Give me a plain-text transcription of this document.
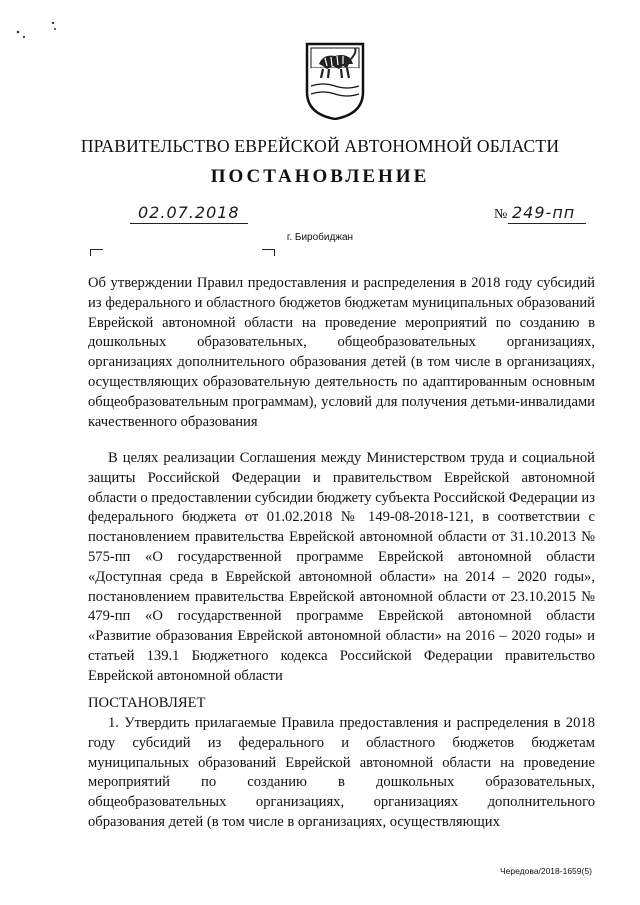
ПРАВИТЕЛЬСТВО ЕВРЕЙСКОЙ АВТОНОМНОЙ ОБЛАСТИ
ПОСТАНОВЛЕНИЕ
02.07.2018	№ 249-пп
г. Биробиджан
Об утверждении Правил предоставления и распределения в 2018 году субсидий из федерального и областного бюджетов бюджетам муниципальных образований Еврейской автономной области на проведение мероприятий по созданию в дошкольных образовательных, общеобразовательных организациях, организациях дополнительного образования детей (в том числе в организациях, осуществляющих образовательную деятельность по адаптированным основным общеобразовательным программам), условий для получения детьми-инвалидами качественного образования
В целях реализации Соглашения между Министерством труда и социальной защиты Российской Федерации и правительством Еврейской автономной области о предоставлении субсидии бюджету субъекта Российской Федерации из федерального бюджета от 01.02.2018 № 149-08-2018-121, в соответствии с постановлением правительства Еврейской автономной области от 31.10.2013 № 575-пп «О государственной программе Еврейской автономной области «Доступная среда в Еврейской автономной области» на 2014 – 2020 годы», постановлением правительства Еврейской автономной области от 23.10.2015 № 479-пп «О государственной программе Еврейской автономной области «Развитие образования Еврейской автономной области» на 2016 – 2020 годы» и статьей 139.1 Бюджетного кодекса Российской Федерации правительство Еврейской автономной области
ПОСТАНОВЛЯЕТ
1. Утвердить прилагаемые Правила предоставления и распределения в 2018 году субсидий из федерального и областного бюджетов бюджетам муниципальных образований Еврейской автономной области на проведение мероприятий по созданию в дошкольных образовательных, общеобразовательных организациях, организациях дополнительного образования детей (в том числе в организациях, осуществляющих
Чередова/2018-1659(5)
